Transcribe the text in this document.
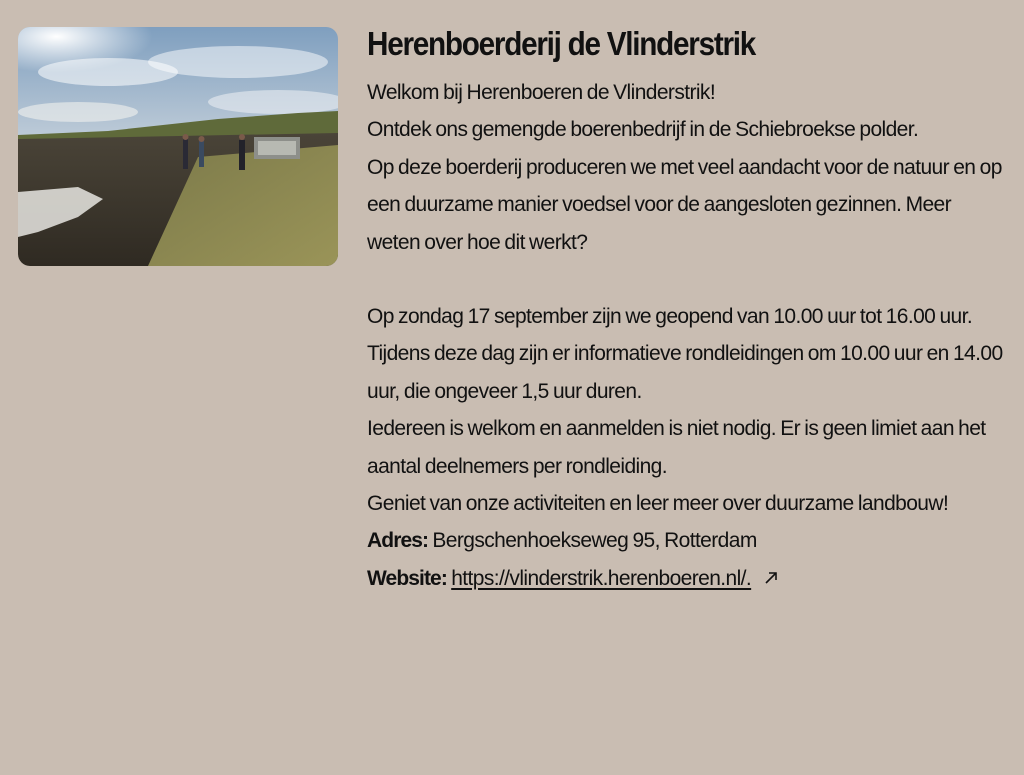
Herenboerderij de Vlinderstrik

Welkom bij Herenboeren de Vlinderstrik!

Ontdek ons gemengde boerenbedrijf in de Schiebroekse polder.

Op deze boerderij produceren we met veel aandacht voor de natuur en op een duurzame manier voedsel voor de aangesloten gezinnen. Meer weten over hoe dit werkt?

Op zondag 17 september zijn we geopend van 10.00 uur tot 16.00 uur.

Tijdens deze dag zijn er informatieve rondleidingen om 10.00 uur en 14.00 uur, die ongeveer 1,5 uur duren.

Iedereen is welkom en aanmelden is niet nodig. Er is geen limiet aan het aantal deelnemers per rondleiding.

Geniet van onze activiteiten en leer meer over duurzame landbouw!

Adres: Bergschenhoekseweg 95, Rotterdam

Website: https://vlinderstrik.herenboeren.nl/.
